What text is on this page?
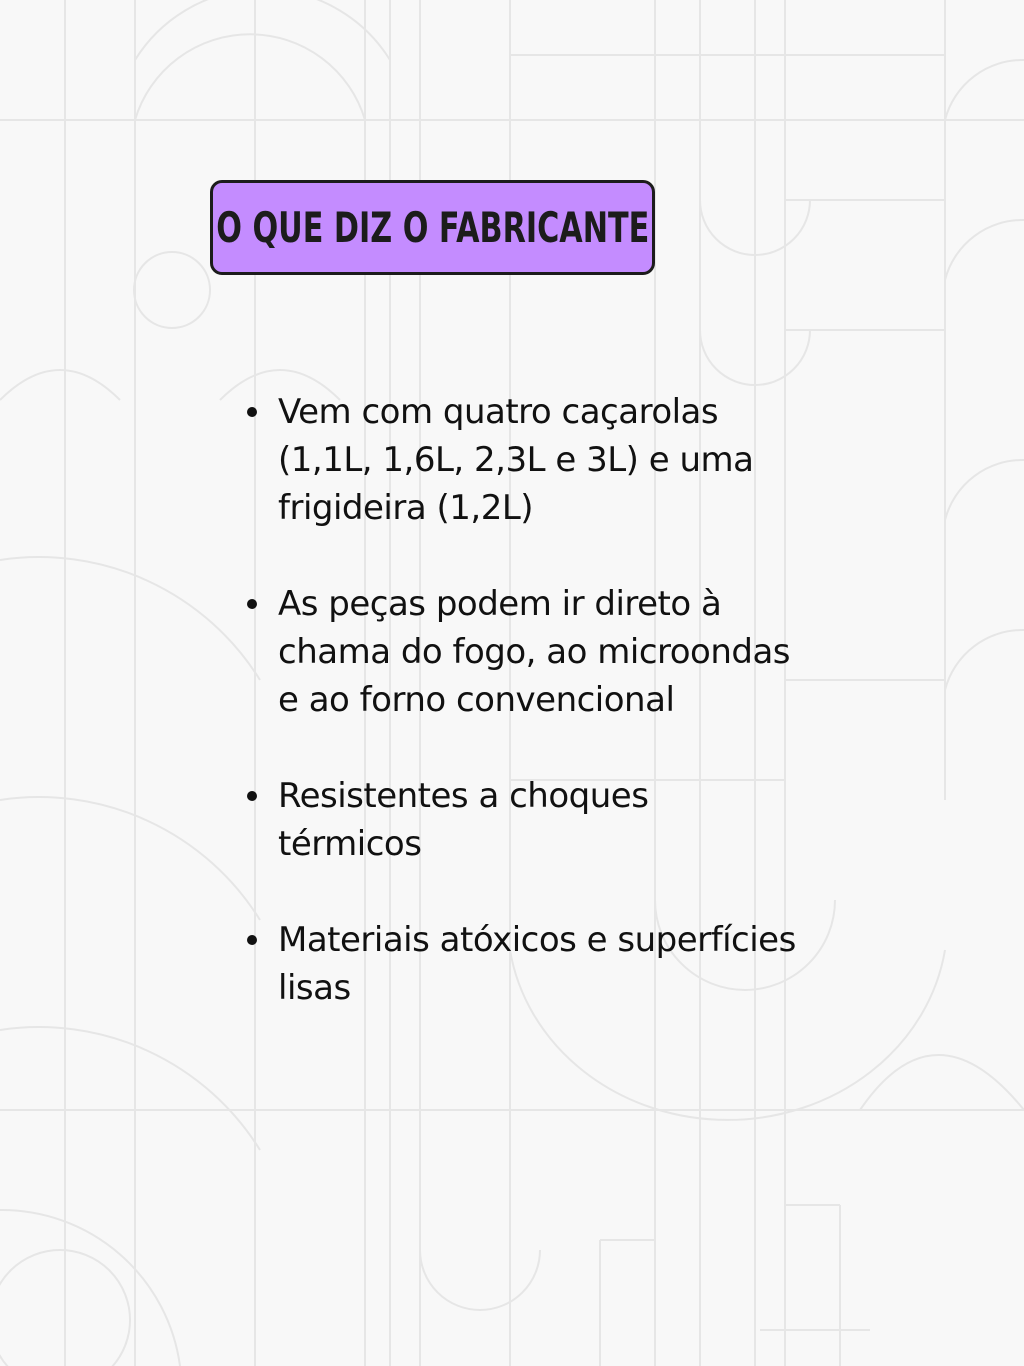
O QUE DIZ O FABRICANTE
Vem com quatro caçarolas (1,1L, 1,6L, 2,3L e 3L) e uma frigideira (1,2L)
As peças podem ir direto à chama do fogo, ao microondas e ao forno convencional
Resistentes a choques térmicos
Materiais atóxicos e superfícies lisas
